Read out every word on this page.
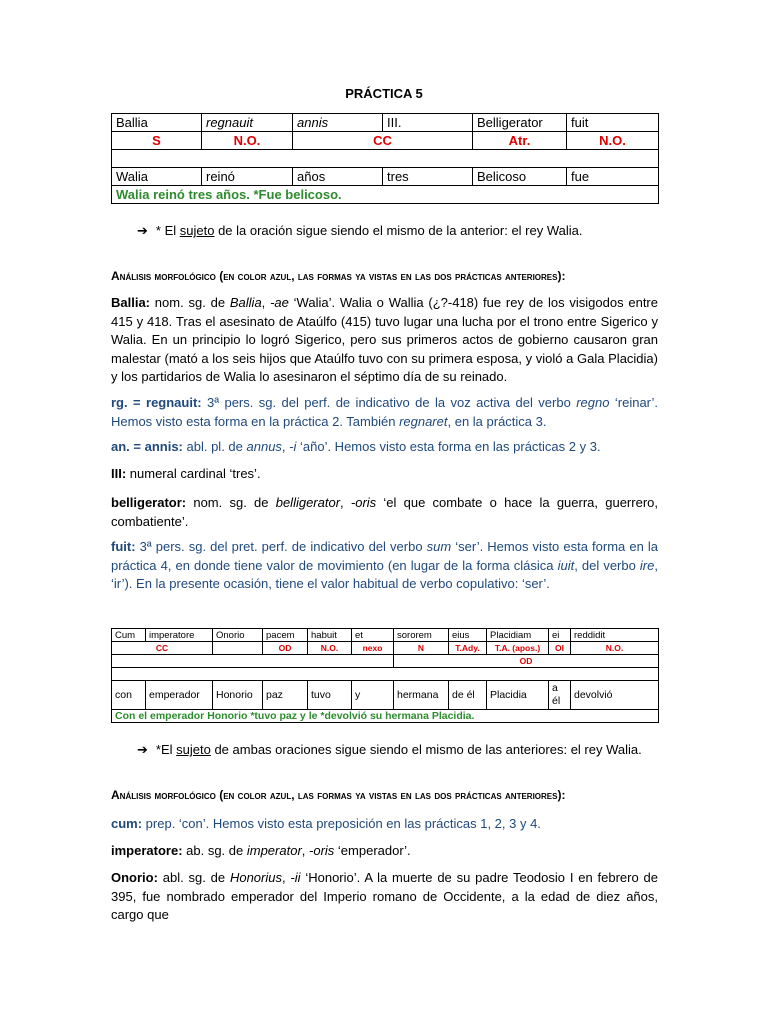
PRÁCTICA 5
Ballia	regnauit	annis	III.	Belligerator	fuit
S	N.O.	CC		Atr.	N.O.

Walia	reinó	años	tres	Belicoso	fue
Walia reinó tres años. *Fue belicoso.					
➔ * El sujeto de la oración sigue siendo el mismo de la anterior: el rey Walia.
Análisis morfológico (en color azul, las formas ya vistas en las dos prácticas anteriores):

Ballia: nom. sg. de Ballia, -ae ‘Walia’. Walia o Wallia (¿?-418) fue rey de los visigodos entre 415 y 418. Tras el asesinato de Ataúlfo (415) tuvo lugar una lucha por el trono entre Sigerico y Walia. En un principio lo logró Sigerico, pero sus primeros actos de gobierno causaron gran malestar (mató a los seis hijos que Ataúlfo tuvo con su primera esposa, y violó a Gala Placidia) y los partidarios de Walia lo asesinaron el séptimo día de su reinado.

rg. = regnauit: 3ª pers. sg. del perf. de indicativo de la voz activa del verbo regno ‘reinar’. Hemos visto esta forma en la práctica 2. También regnaret, en la práctica 3.

an. = annis: abl. pl. de annus, -i ‘año’. Hemos visto esta forma en las prácticas 2 y 3.

III: numeral cardinal ‘tres’.

belligerator: nom. sg. de belligerator, -oris ‘el que combate o hace la guerra, guerrero, combatiente’.

fuit: 3ª pers. sg. del pret. perf. de indicativo del verbo sum ‘ser’. Hemos visto esta forma en la práctica 4, en donde tiene valor de movimiento (en lugar de la forma clásica iuit, del verbo ire, ‘ir’). En la presente ocasión, tiene el valor habitual de verbo copulativo: ‘ser’.

Cum	imperatore	Onorio	pacem	habuit	et	sororem	eius	Placidiam	ei	reddidit
CC			OD	N.O.	nexo	N	T.Ady.	T.A. (apos.)	OI	N.O.
						OD				

con	emperador	Honorio	paz	tuvo	y	hermana	de él	Placidia	a él	devolvió
Con el emperador Honorio *tuvo paz y le *devolvió su hermana Placidia.										
➔ *El sujeto de ambas oraciones sigue siendo el mismo de las anteriores: el rey Walia.
Análisis morfológico (en color azul, las formas ya vistas en las dos prácticas anteriores):

cum: prep. ‘con’. Hemos visto esta preposición en las prácticas 1, 2, 3 y 4.

imperatore: ab. sg. de imperator, -oris ‘emperador’.

Onorio: abl. sg. de Honorius, -ii ‘Honorio’. A la muerte de su padre Teodosio I en febrero de 395, fue nombrado emperador del Imperio romano de Occidente, a la edad de diez años, cargo que
